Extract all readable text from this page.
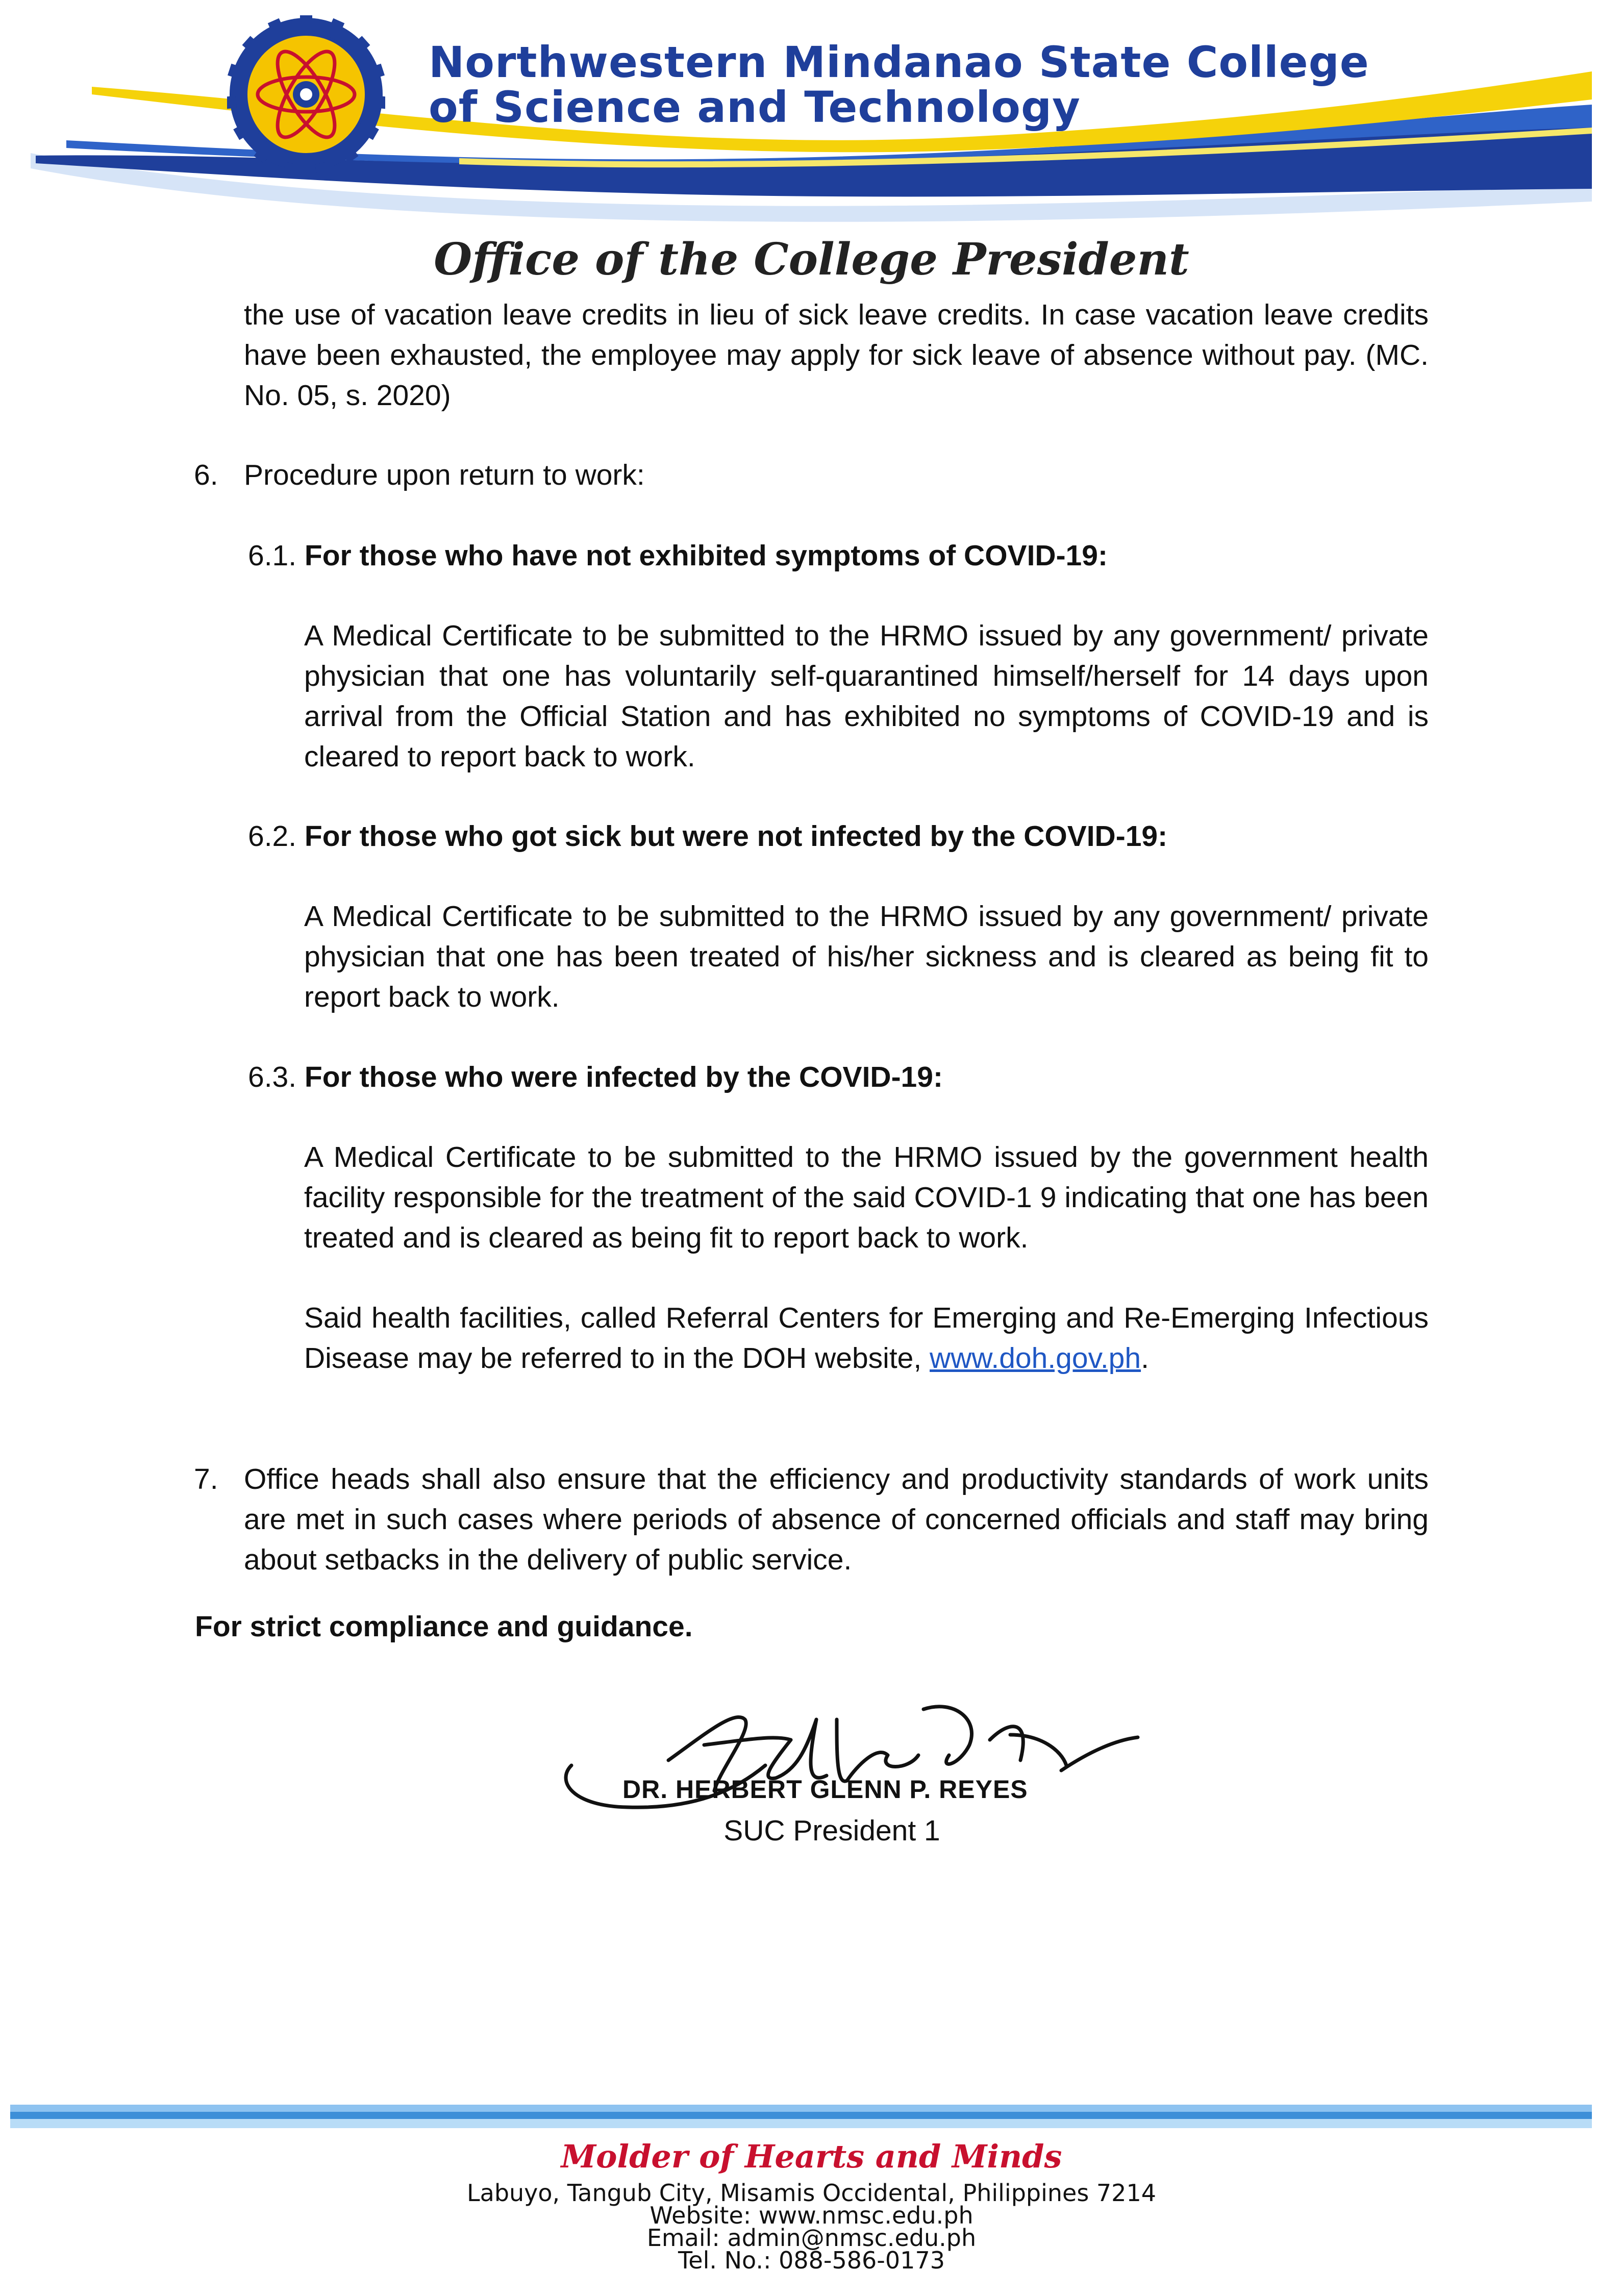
Northwestern Mindanao State College
of Science and Technology
Office of the College President
the use of vacation leave credits in lieu of sick leave credits. In case vacation leave credits have been exhausted, the employee may apply for sick leave of absence without pay. (MC. No. 05, s. 2020)
6. Procedure upon return to work:
6.1. For those who have not exhibited symptoms of COVID-19:
A Medical Certificate to be submitted to the HRMO issued by any government/ private physician that one has voluntarily self-quarantined himself/herself for 14 days upon arrival from the Official Station and has exhibited no symptoms of COVID-19 and is cleared to report back to work.
6.2. For those who got sick but were not infected by the COVID-19:
A Medical Certificate to be submitted to the HRMO issued by any government/ private physician that one has been treated of his/her sickness and is cleared as being fit to report back to work.
6.3. For those who were infected by the COVID-19:
A Medical Certificate to be submitted to the HRMO issued by the government health facility responsible for the treatment of the said COVID-1 9 indicating that one has been treated and is cleared as being fit to report back to work.
Said health facilities, called Referral Centers for Emerging and Re-Emerging Infectious Disease may be referred to in the DOH website, www.doh.gov.ph.
7. Office heads shall also ensure that the efficiency and productivity standards of work units are met in such cases where periods of absence of concerned officials and staff may bring about setbacks in the delivery of public service.
For strict compliance and guidance.
DR. HERBERT GLENN P. REYES
SUC President 1
Molder of Hearts and Minds
Labuyo, Tangub City, Misamis Occidental, Philippines 7214
Website: www.nmsc.edu.ph
Email: admin@nmsc.edu.ph
Tel. No.: 088-586-0173
